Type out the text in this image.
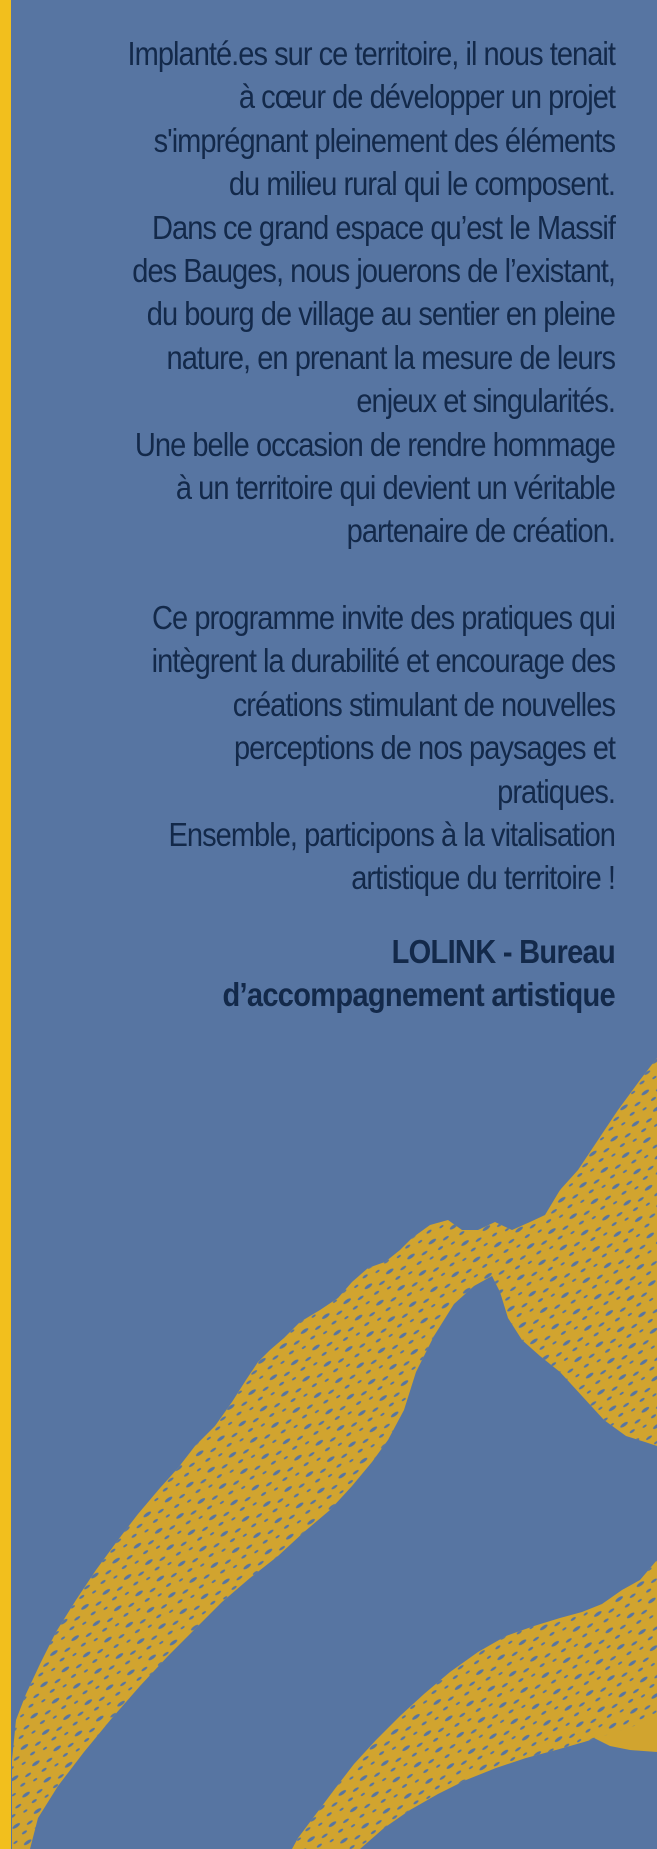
Implanté.es sur ce territoire, il nous tenait à cœur de développer un projet s'imprégnant pleinement des éléments du milieu rural qui le composent.

Dans ce grand espace qu’est le Massif des Bauges, nous jouerons de l’existant, du bourg de village au sentier en pleine nature, en prenant la mesure de leurs enjeux et singularités.

Une belle occasion de rendre hommage à un territoire qui devient un véritable partenaire de création.

Ce programme invite des pratiques qui intègrent la durabilité et encourage des créations stimulant de nouvelles perceptions de nos paysages et pratiques.

Ensemble, participons à la vitalisation artistique du territoire !

LOLINK - Bureau
d’accompagnement artistique
